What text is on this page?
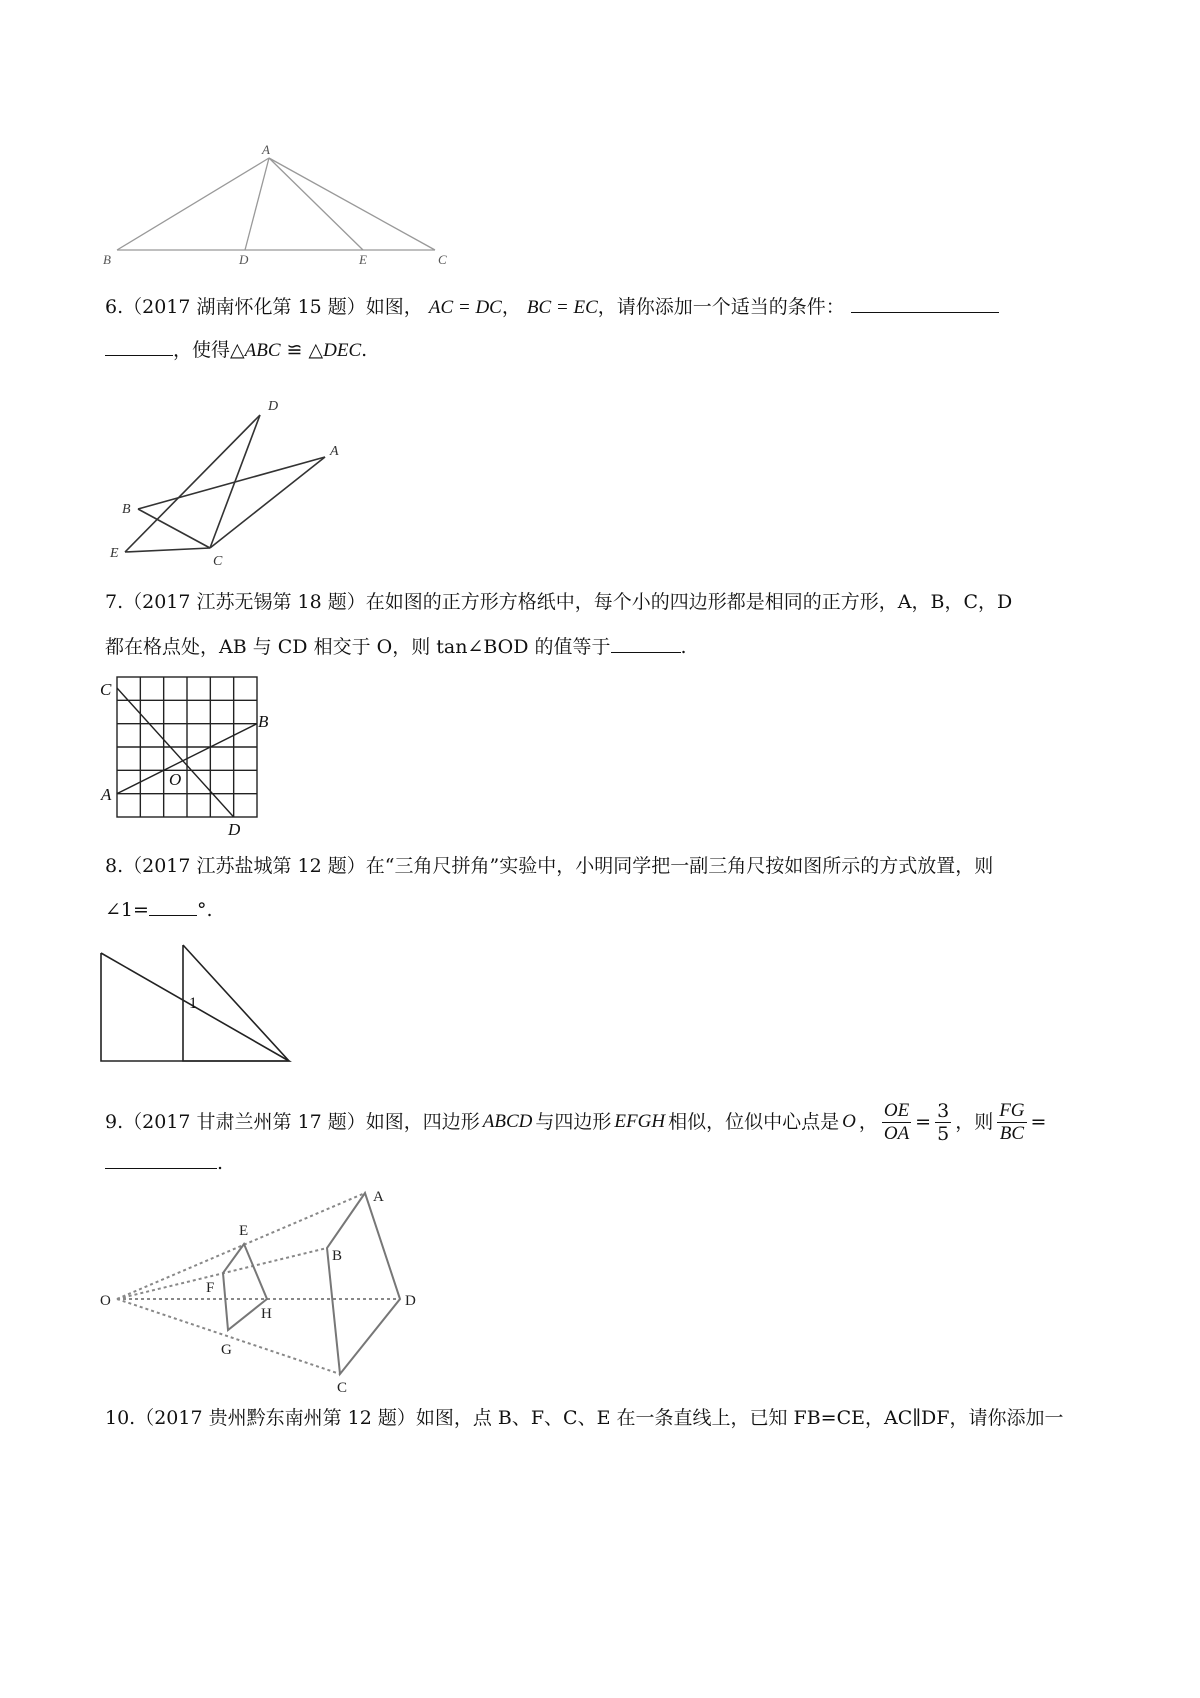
A
B	D	E	C
6.（2017 湖南怀化第 15 题）如图， AC = DC， BC = EC，请你添加一个适当的条件：
，使得△ABC ≌ △DEC.
D
A
B
E
C
7.（2017 江苏无锡第 18 题）在如图的正方形方格纸中，每个小的四边形都是相同的正方形，A，B，C，D
都在格点处，AB 与 CD 相交于 O，则 tan∠BOD 的值等于	.
C
B
O
A
D
8.（2017 江苏盐城第 12 题）在“三角尺拼角”实验中，小明同学把一副三角尺按如图所示的方式放置，则
∠1=	°.
1
9. （2017 甘肃兰州第 17 题）如图，四边形 ABCD 与四边形 EFGH 相似，位似中心点是 O ， $\frac{OE}{OA} = \frac{3}{5}$ ，则 $\frac{FG}{BC}$ =
.
A
E
B
F
O
H
D
G
C
10.（2017 贵州黔东南州第 12 题）如图，点 B、F、C、E 在一条直线上，已知 FB=CE，AC∥DF，请你添加一
